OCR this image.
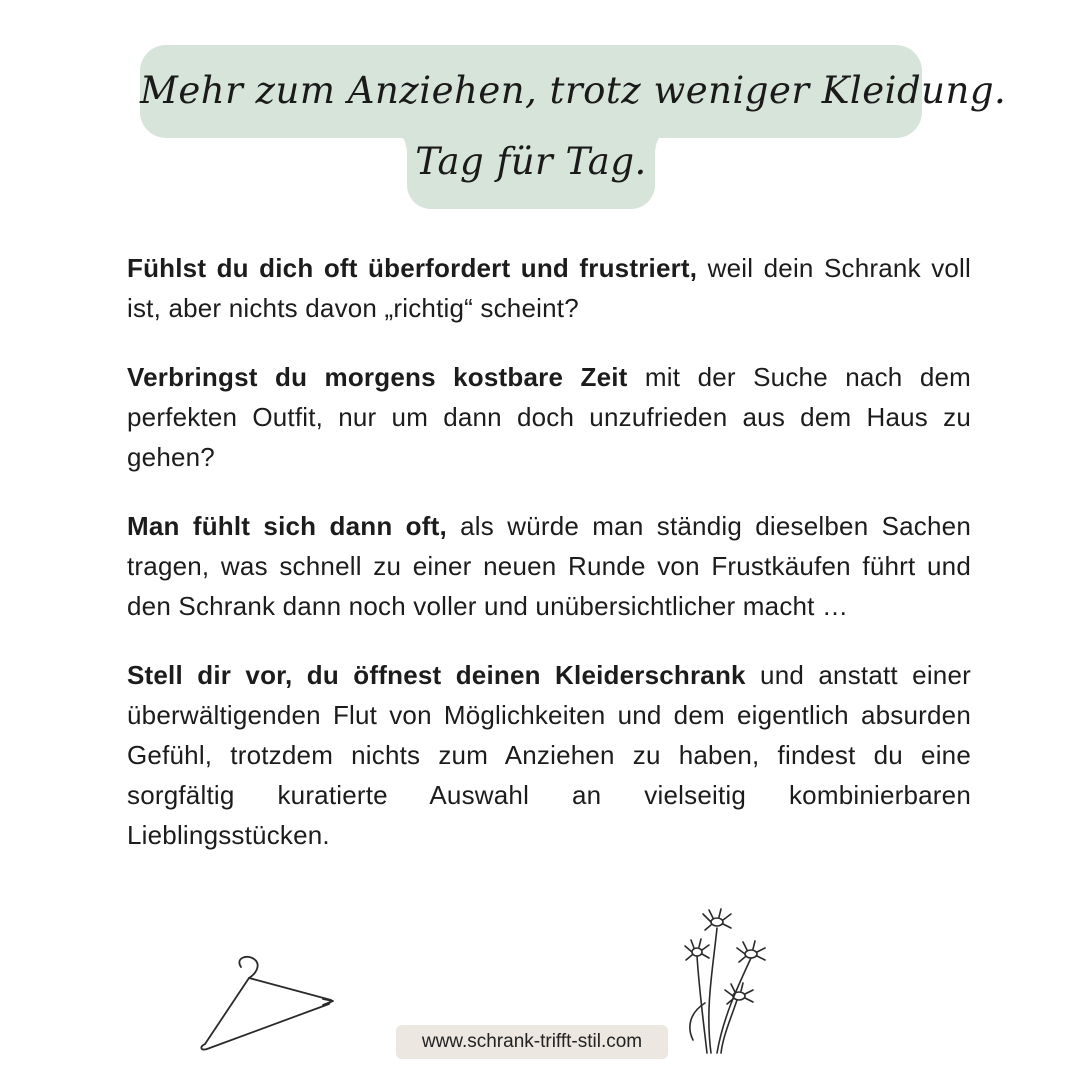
Mehr zum Anziehen, trotz weniger Kleidung.
Tag für Tag.

Fühlst du dich oft überfordert und frustriert, weil dein Schrank voll ist, aber nichts davon „richtig“ scheint?

Verbringst du morgens kostbare Zeit mit der Suche nach dem perfekten Outfit, nur um dann doch unzufrieden aus dem Haus zu gehen?

Man fühlt sich dann oft, als würde man ständig dieselben Sachen tragen, was schnell zu einer neuen Runde von Frustkäufen führt und den Schrank dann noch voller und unübersichtlicher macht …

Stell dir vor, du öffnest deinen Kleiderschrank und anstatt einer überwältigenden Flut von Möglichkeiten und dem eigentlich absurden Gefühl, trotzdem nichts zum Anziehen zu haben, findest du eine sorgfältig kuratierte Auswahl an vielseitig kombinierbaren Lieblingsstücken.

www.schrank-trifft-stil.com
